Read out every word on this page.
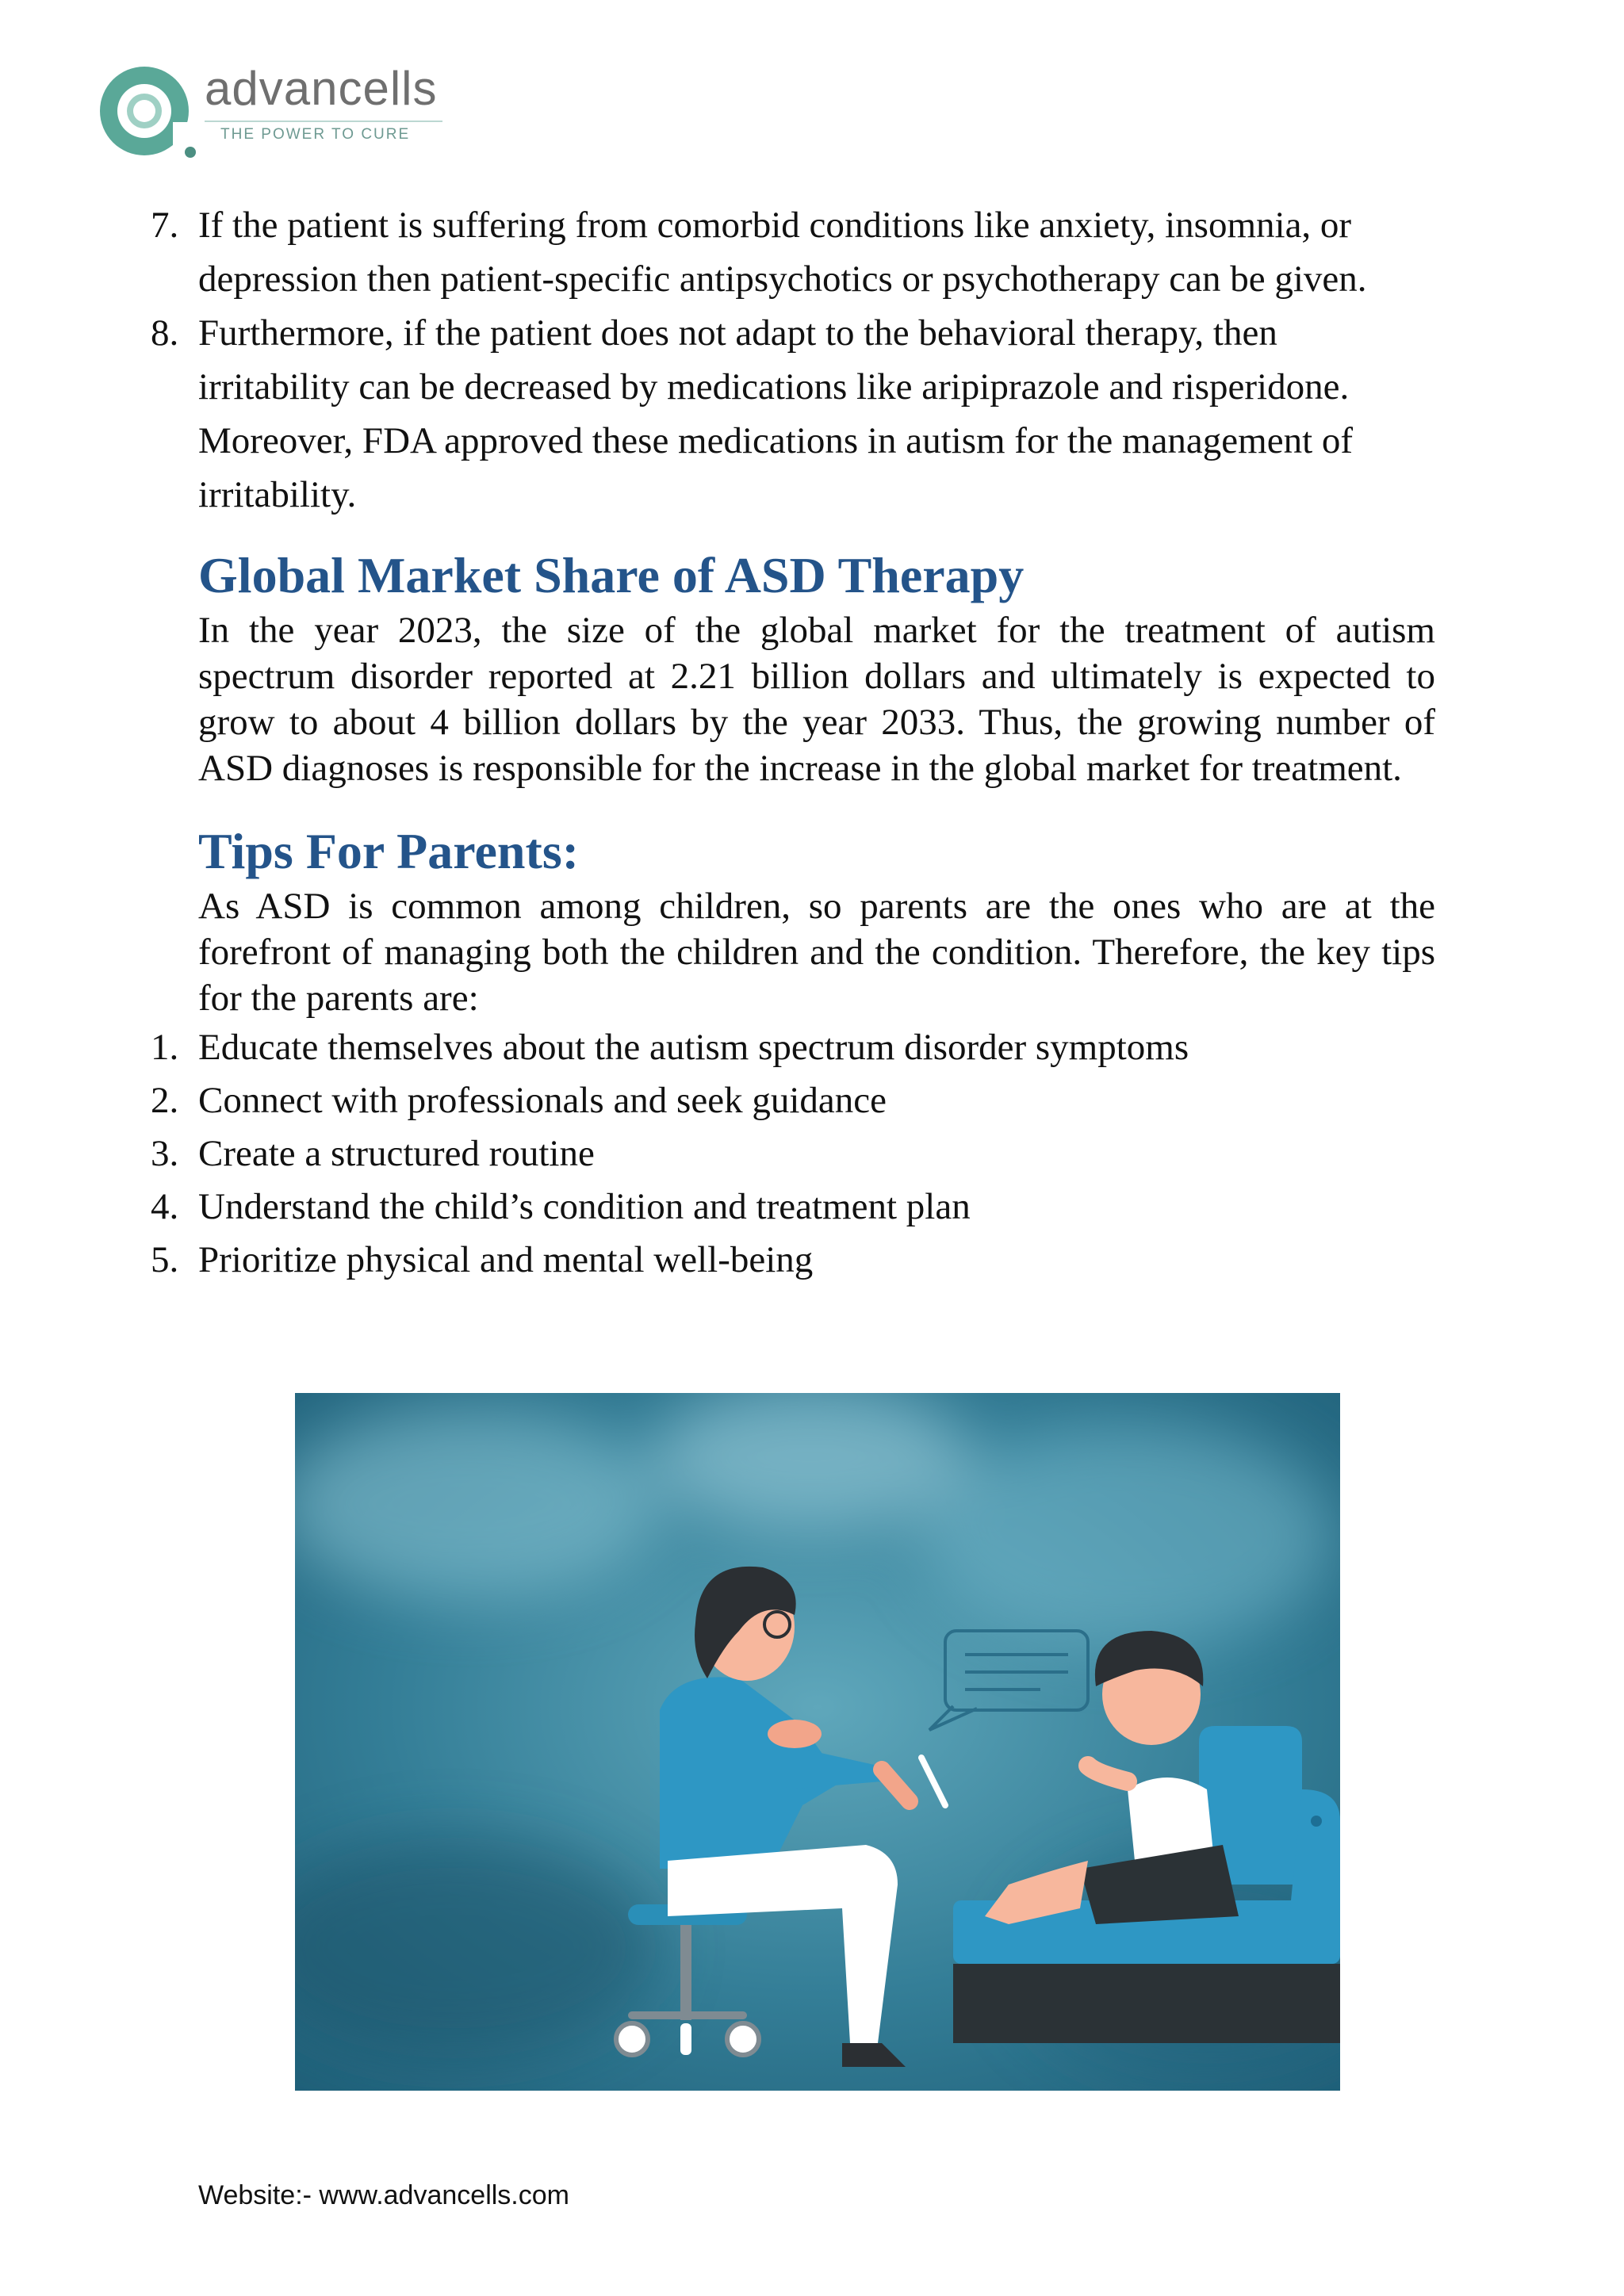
advancells
THE POWER TO CURE
7. If the patient is suffering from comorbid conditions like anxiety, insomnia, or depression then patient-specific antipsychotics or psychotherapy can be given.
8. Furthermore, if the patient does not adapt to the behavioral therapy, then irritability can be decreased by medications like aripiprazole and risperidone. Moreover, FDA approved these medications in autism for the management of irritability.
Global Market Share of ASD Therapy
In the year 2023, the size of the global market for the treatment of autism spectrum disorder reported at 2.21 billion dollars and ultimately is expected to grow to about 4 billion dollars by the year 2033. Thus, the growing number of ASD diagnoses is responsible for the increase in the global market for treatment.
Tips For Parents:
As ASD is common among children, so parents are the ones who are at the forefront of managing both the children and the condition. Therefore, the key tips for the parents are:
1. Educate themselves about the autism spectrum disorder symptoms
2. Connect with professionals and seek guidance
3. Create a structured routine
4. Understand the child’s condition and treatment plan
5. Prioritize physical and mental well-being
Website:- www.advancells.com
